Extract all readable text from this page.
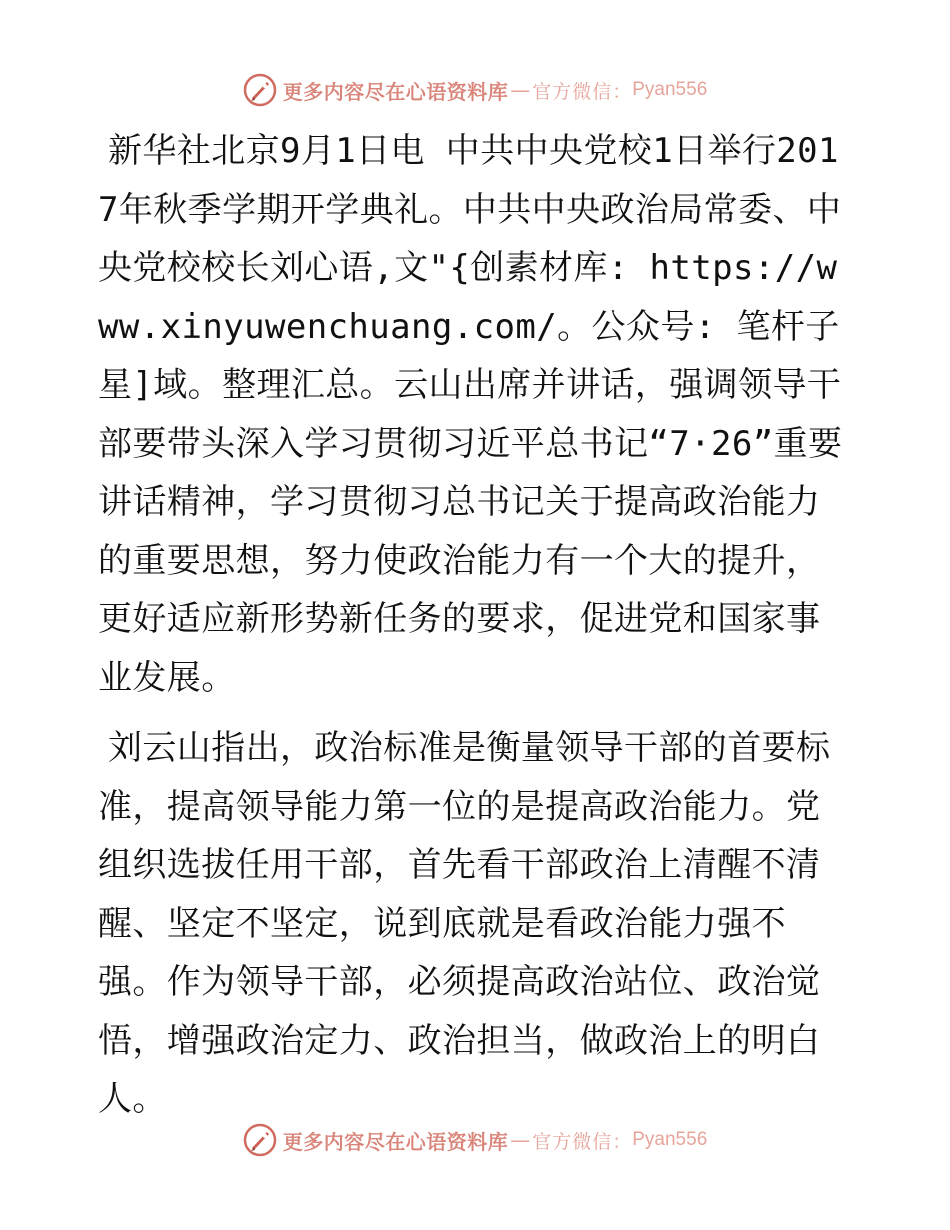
更多内容尽在心语资料库 — 官方微信： Pyan556

新华社北京9月1日电 中共中央党校1日举行2017年秋季学期开学典礼。中共中央政治局常委、中央党校校长刘心语,文"{创素材库: https://www.xinyuwenchuang.com/。公众号: 笔杆子星]域。整理汇总。云山出席并讲话，强调领导干部要带头深入学习贯彻习近平总书记“7·26”重要讲话精神，学习贯彻习总书记关于提高政治能力的重要思想，努力使政治能力有一个大的提升，更好适应新形势新任务的要求，促进党和国家事业发展。

刘云山指出，政治标准是衡量领导干部的首要标准，提高领导能力第一位的是提高政治能力。党组织选拔任用干部，首先看干部政治上清醒不清醒、坚定不坚定，说到底就是看政治能力强不强。作为领导干部，必须提高政治站位、政治觉悟，增强政治定力、政治担当，做政治上的明白人。

更多内容尽在心语资料库 — 官方微信： Pyan556
